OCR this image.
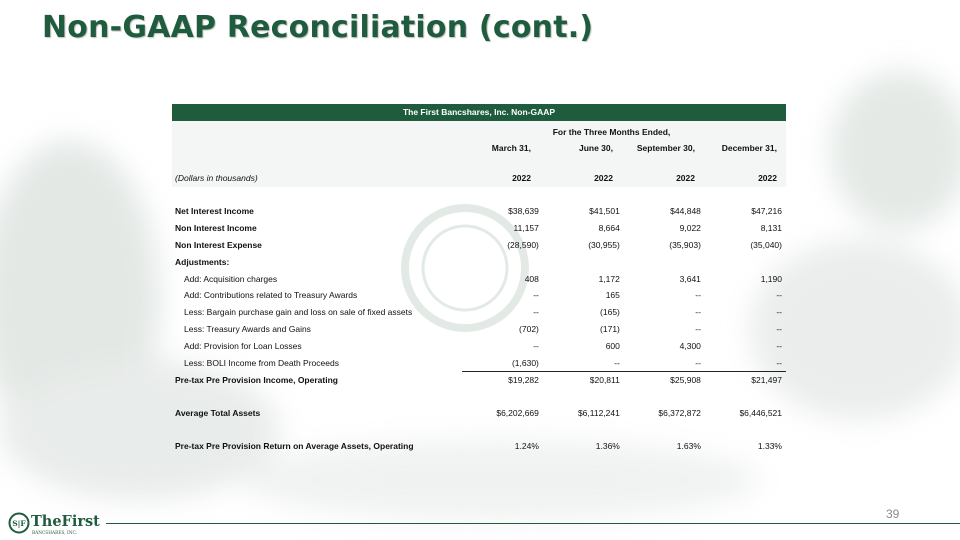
Non-GAAP Reconciliation (cont.)
The First Bancshares, Inc. Non-GAAP
For the Three Months Ended,
March 31,	June 30,	September 30,	December 31,
(Dollars in thousands)	2022	2022	2022	2022

Net Interest Income	$38,639	$41,501	$44,848	$47,216
Non Interest Income	11,157	8,664	9,022	8,131
Non Interest Expense	(28,590)	(30,955)	(35,903)	(35,040)
Adjustments:				
Add: Acquisition charges	408	1,172	3,641	1,190
Add: Contributions related to Treasury Awards	--	165	--	--
Less: Bargain purchase gain and loss on sale of fixed assets	--	(165)	--	--
Less: Treasury Awards and Gains	(702)	(171)	--	--
Add: Provision for Loan Losses	--	600	4,300	--
Less: BOLI Income from Death Proceeds	(1,630)	--	--	--
Pre-tax Pre Provision Income, Operating	$19,282	$20,811	$25,908	$21,497

Average Total Assets	$6,202,669	$6,112,241	$6,372,872	$6,446,521

Pre-tax Pre Provision Return on Average Assets, Operating	1.24%	1.36%	1.63%	1.33%
S|F TheFirst
BANCSHARES, INC.
39
